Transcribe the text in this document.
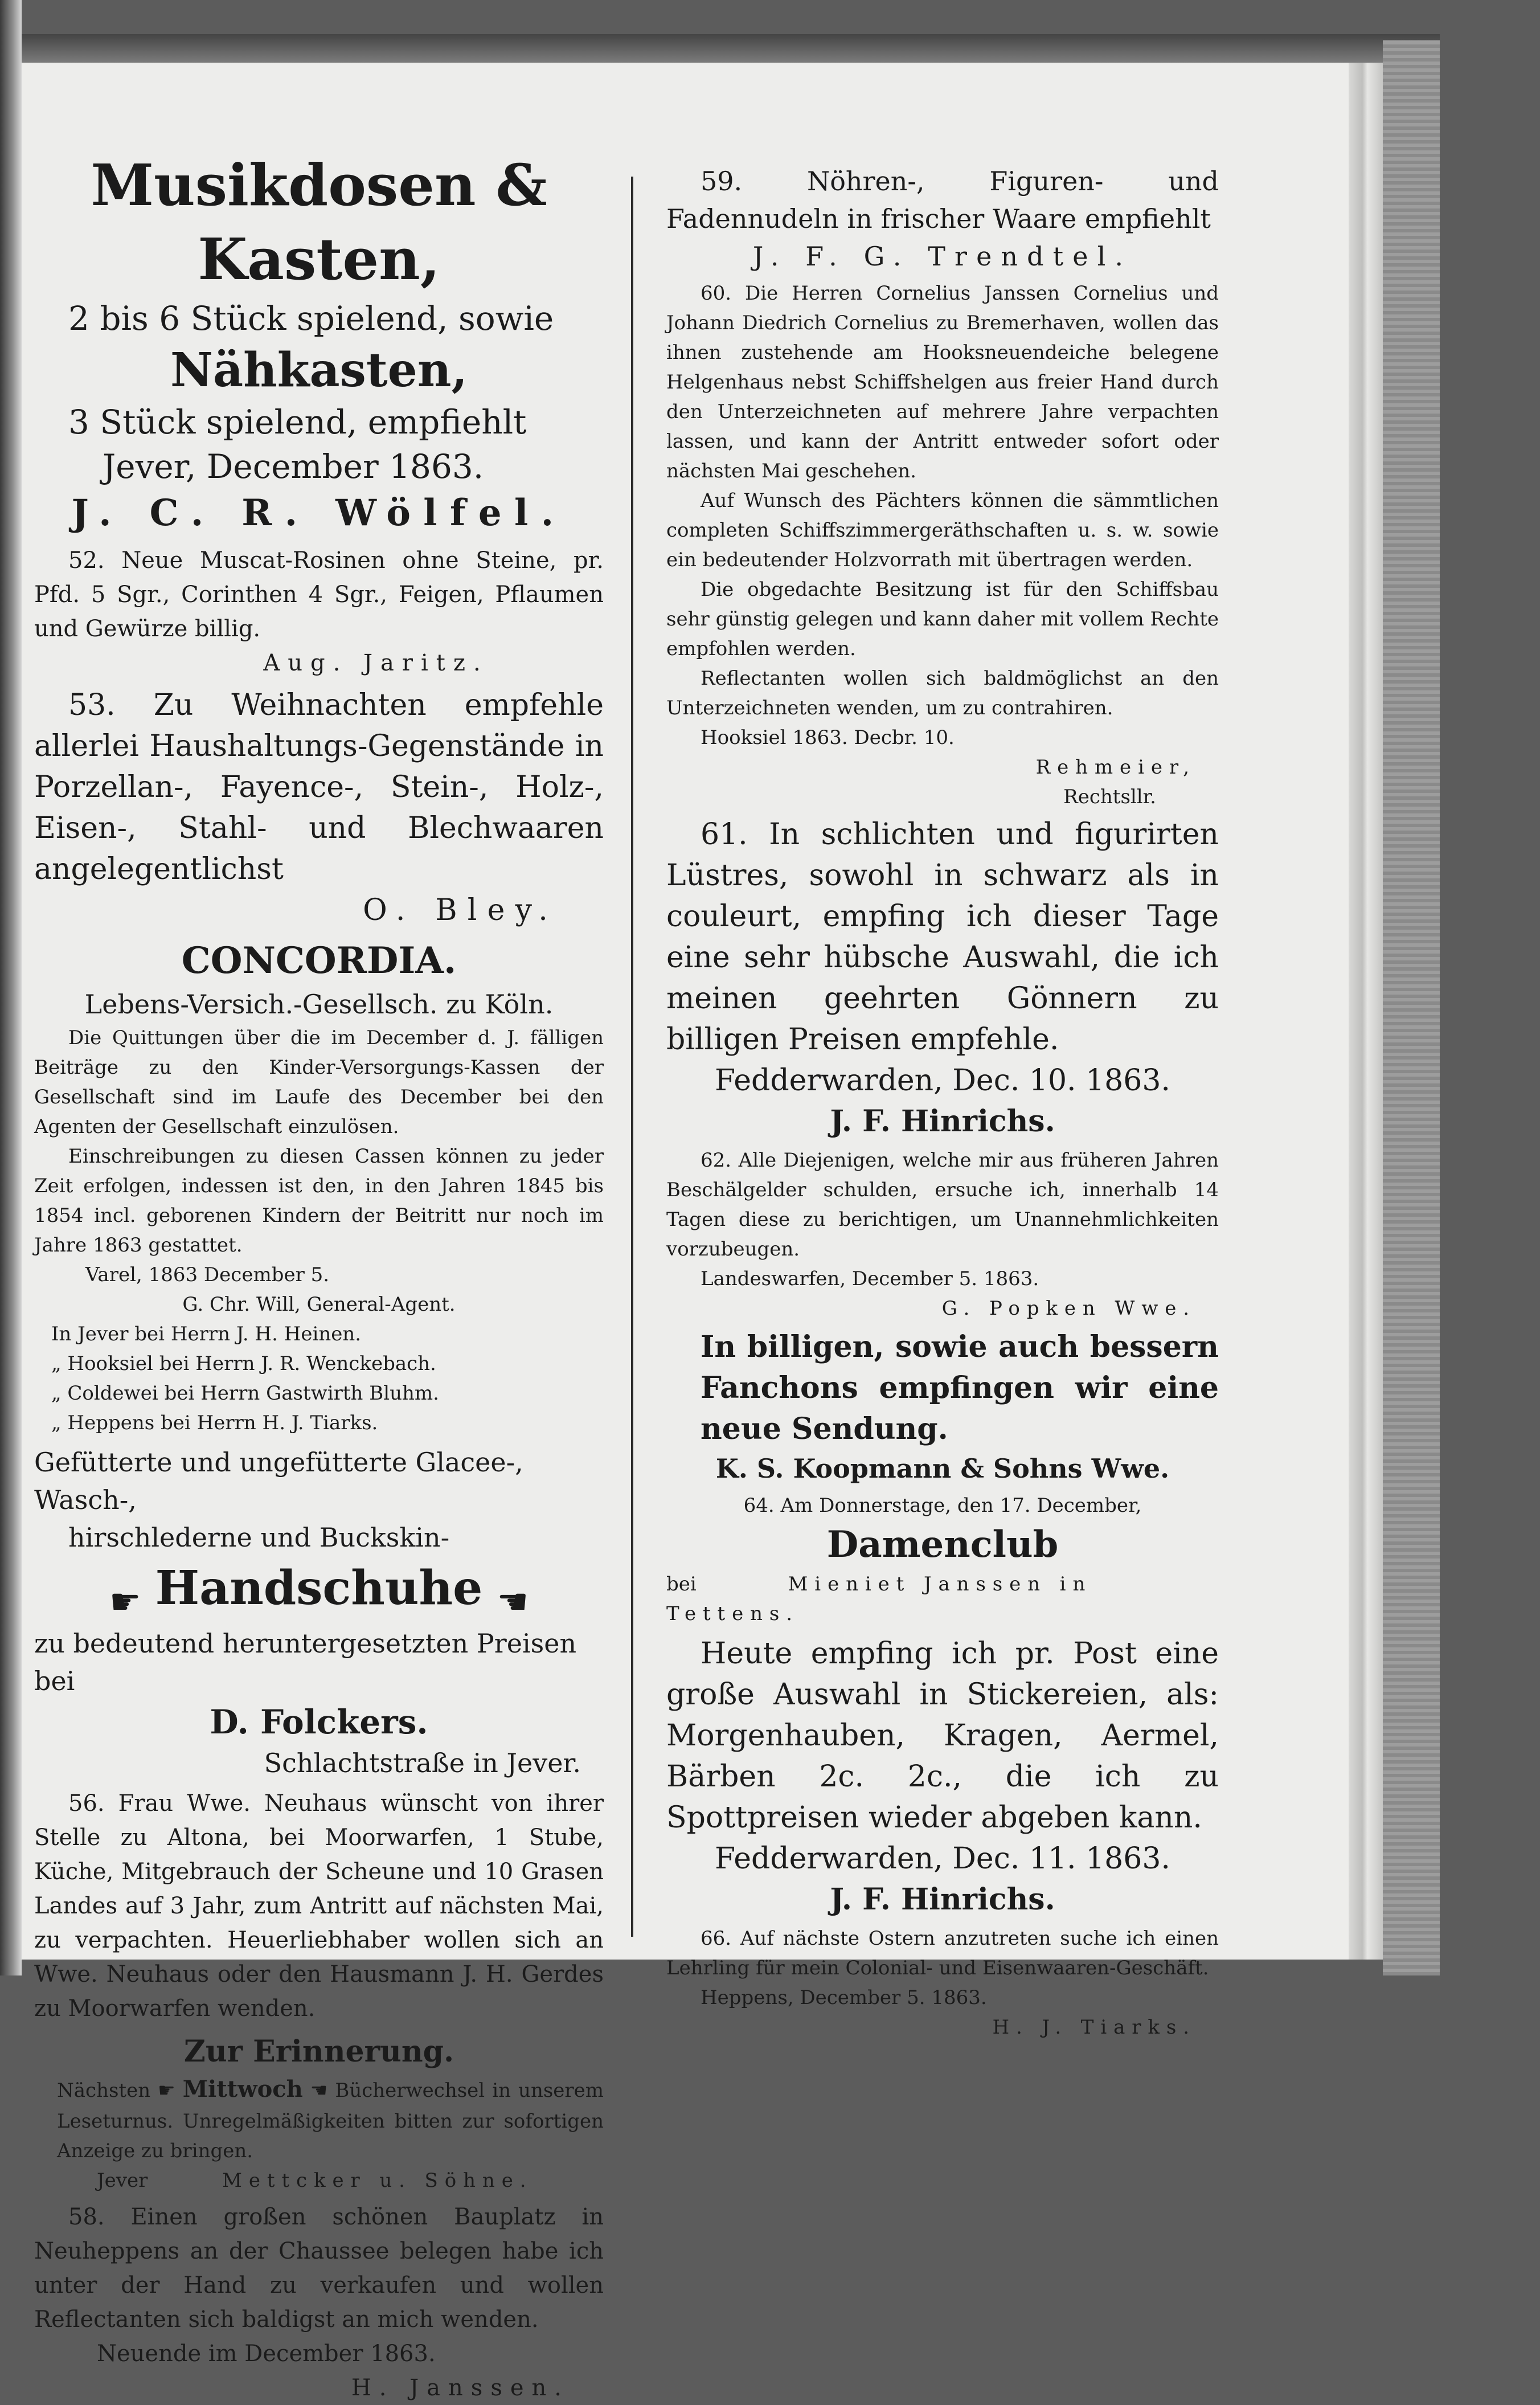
Musikdosen & Kasten,

2 bis 6 Stück spielend, sowie

Nähkasten,

3 Stück spielend, empfiehlt

Jever, December 1863.

J. C. R. Wölfel.

52. Neue Muscat-Rosinen ohne Steine, pr. Pfd. 5 Sgr., Corinthen 4 Sgr., Feigen, Pflaumen und Gewürze billig.

Aug. Jaritz.

53. Zu Weihnachten empfehle allerlei Haushaltungs-Gegenstände in Porzellan-, Fayence-, Stein-, Holz-, Eisen-, Stahl- und Blechwaaren angelegentlichst

O. Bley.

CONCORDIA.

Lebens-Versich.-Gesellsch. zu Köln.

Die Quittungen über die im December d. J. fälligen Beiträge zu den Kinder-Versorgungs-Kassen der Gesellschaft sind im Laufe des December bei den Agenten der Gesellschaft einzulösen.

Einschreibungen zu diesen Cassen können zu jeder Zeit erfolgen, indessen ist den, in den Jahren 1845 bis 1854 incl. geborenen Kindern der Beitritt nur noch im Jahre 1863 gestattet.

Varel, 1863 December 5.

G. Chr. Will, General-Agent.

In Jever bei Herrn J. H. Heinen.

„ Hooksiel bei Herrn J. R. Wenckebach.

„ Coldewei bei Herrn Gastwirth Bluhm.

„ Heppens bei Herrn H. J. Tiarks.

Gefütterte und ungefütterte Glacee-, Wasch-,

hirschlederne und Buckskin-

☛ Handschuhe ☚

zu bedeutend heruntergesetzten Preisen bei

D. Folckers.

Schlachtstraße in Jever.

56. Frau Wwe. Neuhaus wünscht von ihrer Stelle zu Altona, bei Moorwarfen, 1 Stube, Küche, Mitgebrauch der Scheune und 10 Grasen Landes auf 3 Jahr, zum Antritt auf nächsten Mai, zu verpachten. Heuerliebhaber wollen sich an Wwe. Neuhaus oder den Hausmann J. H. Gerdes zu Moorwarfen wenden.

Zur Erinnerung.

Nächsten ☛ Mittwoch ☚ Bücherwechsel in unserem Leseturnus. Unregelmäßigkeiten bitten zur sofortigen Anzeige zu bringen.

Jever	Mettcker u. Söhne.

58. Einen großen schönen Bauplatz in Neuheppens an der Chaussee belegen habe ich unter der Hand zu verkaufen und wollen Reflectanten sich baldigst an mich wenden.

Neuende im December 1863.

H. Janssen.

59. Nöhren-, Figuren- und Fadennudeln in frischer Waare empfiehlt

J. F. G. Trendtel.

60. Die Herren Cornelius Janssen Cornelius und Johann Diedrich Cornelius zu Bremerhaven, wollen das ihnen zustehende am Hooksneuendeiche belegene Helgenhaus nebst Schiffshelgen aus freier Hand durch den Unterzeichneten auf mehrere Jahre verpachten lassen, und kann der Antritt entweder sofort oder nächsten Mai geschehen.

Auf Wunsch des Pächters können die sämmtlichen completen Schiffszimmergeräthschaften u. s. w. sowie ein bedeutender Holzvorrath mit übertragen werden.

Die obgedachte Besitzung ist für den Schiffsbau sehr günstig gelegen und kann daher mit vollem Rechte empfohlen werden.

Reflectanten wollen sich baldmöglichst an den Unterzeichneten wenden, um zu contrahiren.

Hooksiel 1863. Decbr. 10.

Rehmeier,

Rechtsllr.

61. In schlichten und figurirten Lüstres, sowohl in schwarz als in couleurt, empfing ich dieser Tage eine sehr hübsche Auswahl, die ich meinen geehrten Gönnern zu billigen Preisen empfehle.

Fedderwarden, Dec. 10. 1863.

J. F. Hinrichs.

62. Alle Diejenigen, welche mir aus früheren Jahren Beschälgelder schulden, ersuche ich, innerhalb 14 Tagen diese zu berichtigen, um Unannehmlichkeiten vorzubeugen.

Landeswarfen, December 5. 1863.

G. Popken Wwe.

In billigen, sowie auch bessern Fanchons empfingen wir eine neue Sendung.

K. S. Koopmann & Sohns Wwe.

64. Am Donnerstage, den 17. December,

Damenclub

bei	Mieniet Janssen in Tettens.

Heute empfing ich pr. Post eine große Auswahl in Stickereien, als: Morgenhauben, Kragen, Aermel, Bärben 2c. 2c., die ich zu Spottpreisen wieder abgeben kann.

Fedderwarden, Dec. 11. 1863.

J. F. Hinrichs.

66. Auf nächste Ostern anzutreten suche ich einen Lehrling für mein Colonial- und Eisenwaaren-Geschäft.

Heppens, December 5. 1863.

H. J. Tiarks.
